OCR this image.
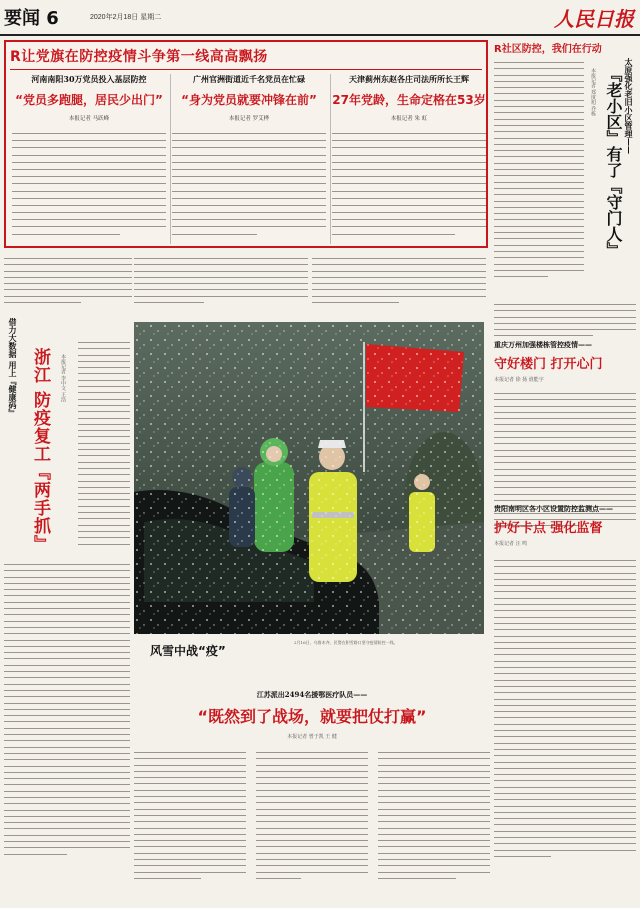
要闻 6	2020年2月18日 星期二	人民日报
R让党旗在防控疫情斗争第一线高高飘扬
河南南阳30万党员投入基层防控
“党员多跑腿，居民少出门”
本报记者 马跃峰
广州官洲街道近千名党员在忙碌
“身为党员就要冲锋在前”
本报记者 罗艾桦
天津蓟州东赵各庄司法所所长王辉
27年党龄，生命定格在53岁
本报记者 朱 虹
R社区防控，我们在行动
太原强化老旧小区管理——
『老小区』有了『守门人』
本报记者 郑度旭 乔栋
重庆万州加强楼栋管控疫情——
守好楼门 打开心门
本报记者 徐 扬 谁能宇
贵阳南明区各小区设置防控监测点——
护好卡点 强化监督
本报记者 汪 鸣
借力大数据 用上『健康码』 浙江 防疫复工『两手抓』	本报记者 李中文 王浩
风雪中战“疫”
2月16日，乌鲁木齐，民警在积雪路口坚守疫情防控一线。
江苏派出2494名援鄂医疗队员——
“既然到了战场，就要把仗打赢”
本报记者 曾于凯 王 健
